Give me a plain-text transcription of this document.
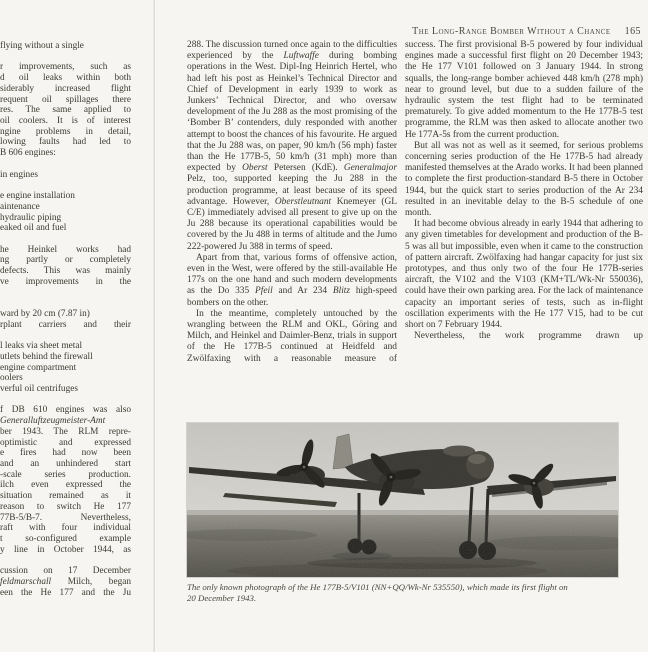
flying without a single

r improvements, such as
d oil leaks within both
siderably increased flight
requent oil spillages there
res. The same applied to
oil coolers. It is of interest
ngine problems in detail,
lowing faults had led to
B 606 engines:

in engines

e engine installation
aintenance
hydraulic piping
eaked oil and fuel

he Heinkel works had
ng partly or completely
defects. This was mainly
ve improvements in the

ward by 20 cm (7.87 in)
rplant carriers and their

l leaks via sheet metal
utlets behind the firewall
engine compartment
oolers
verful oil centrifuges

f DB 610 engines was also
Generalluftzeugmeister-Amt
ber 1943. The RLM repre-
optimistic and expressed
e fires had now been
and an unhindered start
-scale series production.
ilch even expressed the
situation remained as it
reason to switch He 177
77B-5/B-7. Nevertheless,
raft with four individual
t so-configured example
y line in October 1944, as

cussion on 17 December
feldmarschall Milch, began
een the He 177 and the Ju
The Long-Range Bomber Without a Chance 165

288. The discussion turned once again to the difficulties experienced by the Luftwaffe during bombing operations in the West. Dipl-Ing Heinrich Hertel, who had left his post as Heinkel’s Technical Director and Chief of Development in early 1939 to work as Junkers’ Technical Director, and who oversaw development of the Ju 288 as the most promising of the ‘Bomber B’ contenders, duly responded with another attempt to boost the chances of his favourite. He argued that the Ju 288 was, on paper, 90 km/h (56 mph) faster than the He 177B-5, 50 km/h (31 mph) more than expected by Oberst Petersen (KdE). Generalmajor Pelz, too, supported keeping the Ju 288 in the production programme, at least because of its speed advantage. However, Oberstleutnant Knemeyer (GL C/E) immediately advised all present to give up on the Ju 288 because its operational capabilities would be covered by the Ju 488 in terms of altitude and the Jumo 222-powered Ju 388 in terms of speed.

Apart from that, various forms of offensive action, even in the West, were offered by the still-available He 177s on the one hand and such modern developments as the Do 335 Pfeil and Ar 234 Blitz high-speed bombers on the other.

In the meantime, completely untouched by the wrangling between the RLM and OKL, Göring and Milch, and Heinkel and Daimler-Benz, trials in support of the He 177B-5 continued at Heidfeld and Zwölfaxing with a reasonable measure of

success. The first provisional B-5 powered by four individual engines made a successful first flight on 20 December 1943; the He 177 V101 followed on 3 January 1944. In strong squalls, the long-range bomber achieved 448 km/h (278 mph) near to ground level, but due to a sudden failure of the hydraulic system the test flight had to be terminated prematurely. To give added momentum to the He 177B-5 test programme, the RLM was then asked to allocate another two He 177A-5s from the current production.

But all was not as well as it seemed, for serious problems concerning series production of the He 177B-5 had already manifested themselves at the Arado works. It had been planned to complete the first production-standard B-5 there in October 1944, but the quick start to series production of the Ar 234 resulted in an inevitable delay to the B-5 schedule of one month.

It had become obvious already in early 1944 that adhering to any given timetables for development and production of the B-5 was all but impossible, even when it came to the construction of pattern aircraft. Zwölfaxing had hangar capacity for just six prototypes, and thus only two of the four He 177B-series aircraft, the V102 and the V103 (KM+TL/Wk-Nr 550036), could have their own parking area. For the lack of maintenance capacity an important series of tests, such as in-flight oscillation experiments with the He 177 V15, had to be cut short on 7 February 1944.

Nevertheless, the work programme drawn up

The only known photograph of the He 177B-5/V101 (NN+QQ/Wk-Nr 535550), which made its first flight on
20 December 1943.
